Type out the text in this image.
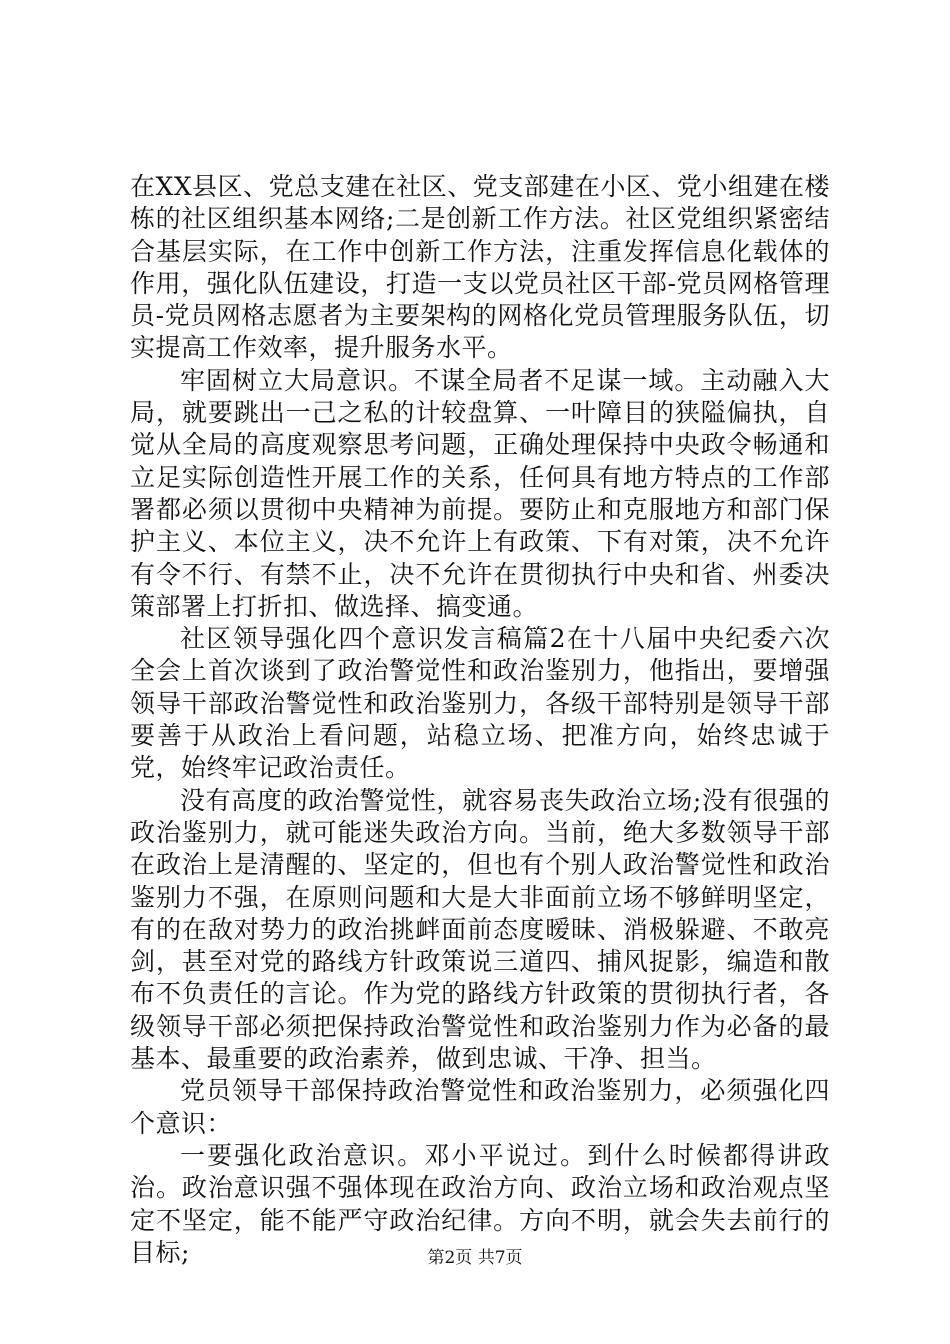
在XX县区、党总支建在社区、党支部建在小区、党小组建在楼栋的社区组织基本网络;二是创新工作方法。社区党组织紧密结合基层实际，在工作中创新工作方法，注重发挥信息化载体的作用，强化队伍建设，打造一支以党员社区干部-党员网格管理员-党员网格志愿者为主要架构的网格化党员管理服务队伍，切实提高工作效率，提升服务水平。

牢固树立大局意识。不谋全局者不足谋一域。主动融入大局，就要跳出一己之私的计较盘算、一叶障目的狭隘偏执，自觉从全局的高度观察思考问题，正确处理保持中央政令畅通和立足实际创造性开展工作的关系，任何具有地方特点的工作部署都必须以贯彻中央精神为前提。要防止和克服地方和部门保护主义、本位主义，决不允许上有政策、下有对策，决不允许有令不行、有禁不止，决不允许在贯彻执行中央和省、州委决策部署上打折扣、做选择、搞变通。

社区领导强化四个意识发言稿篇2在十八届中央纪委六次全会上首次谈到了政治警觉性和政治鉴别力，他指出，要增强领导干部政治警觉性和政治鉴别力，各级干部特别是领导干部要善于从政治上看问题，站稳立场、把准方向，始终忠诚于党，始终牢记政治责任。

没有高度的政治警觉性，就容易丧失政治立场;没有很强的政治鉴别力，就可能迷失政治方向。当前，绝大多数领导干部在政治上是清醒的、坚定的，但也有个别人政治警觉性和政治鉴别力不强，在原则问题和大是大非面前立场不够鲜明坚定，有的在敌对势力的政治挑衅面前态度暧昧、消极躲避、不敢亮剑，甚至对党的路线方针政策说三道四、捕风捉影，编造和散布不负责任的言论。作为党的路线方针政策的贯彻执行者，各级领导干部必须把保持政治警觉性和政治鉴别力作为必备的最基本、最重要的政治素养，做到忠诚、干净、担当。

党员领导干部保持政治警觉性和政治鉴别力，必须强化四个意识：

一要强化政治意识。邓小平说过。到什么时候都得讲政治。政治意识强不强体现在政治方向、政治立场和政治观点坚定不坚定，能不能严守政治纪律。方向不明，就会失去前行的目标;	第2页 共7页
